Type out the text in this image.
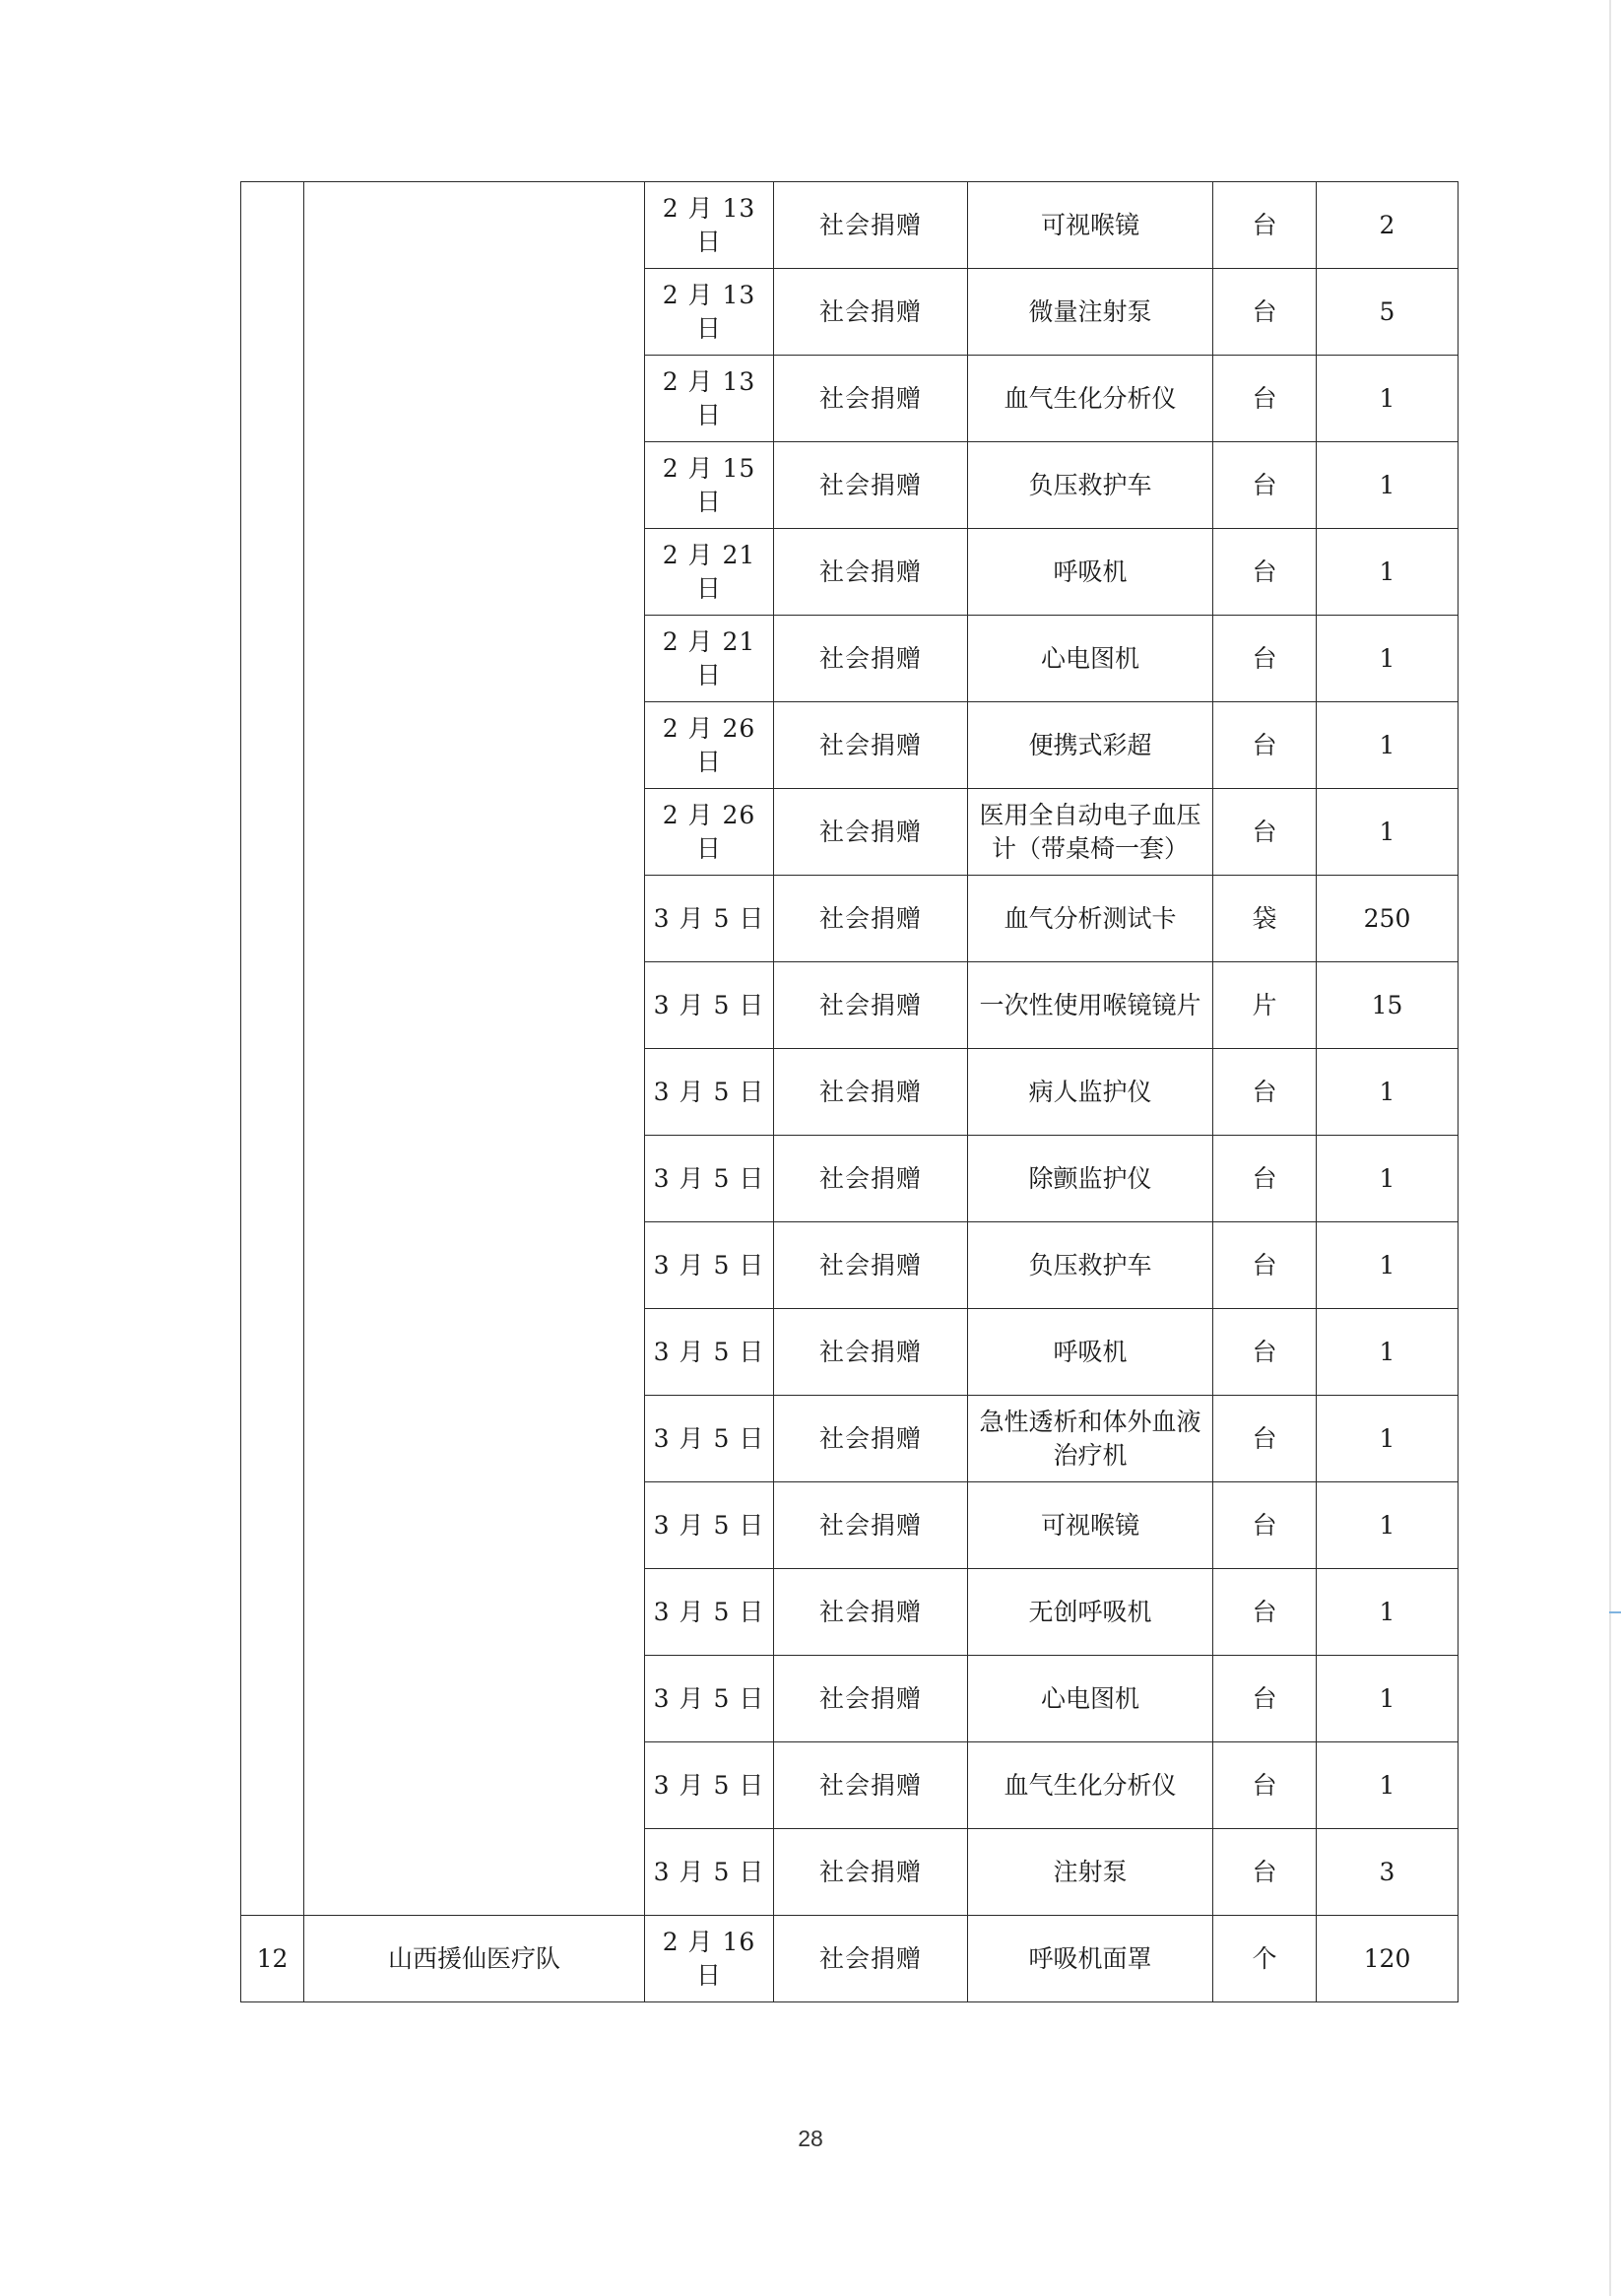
		2 月 13 日	社会捐赠	可视喉镜	台	2
		2 月 13 日	社会捐赠	微量注射泵	台	5
		2 月 13 日	社会捐赠	血气生化分析仪	台	1
		2 月 15 日	社会捐赠	负压救护车	台	1
		2 月 21 日	社会捐赠	呼吸机	台	1
		2 月 21 日	社会捐赠	心电图机	台	1
		2 月 26 日	社会捐赠	便携式彩超	台	1
		2 月 26 日	社会捐赠	医用全自动电子血压计（带桌椅一套）	台	1
		3 月 5 日	社会捐赠	血气分析测试卡	袋	250
		3 月 5 日	社会捐赠	一次性使用喉镜镜片	片	15
		3 月 5 日	社会捐赠	病人监护仪	台	1
		3 月 5 日	社会捐赠	除颤监护仪	台	1
		3 月 5 日	社会捐赠	负压救护车	台	1
		3 月 5 日	社会捐赠	呼吸机	台	1
		3 月 5 日	社会捐赠	急性透析和体外血液治疗机	台	1
		3 月 5 日	社会捐赠	可视喉镜	台	1
		3 月 5 日	社会捐赠	无创呼吸机	台	1
		3 月 5 日	社会捐赠	心电图机	台	1
		3 月 5 日	社会捐赠	血气生化分析仪	台	1
		3 月 5 日	社会捐赠	注射泵	台	3
12	山西援仙医疗队	2 月 16 日	社会捐赠	呼吸机面罩	个	120
28
